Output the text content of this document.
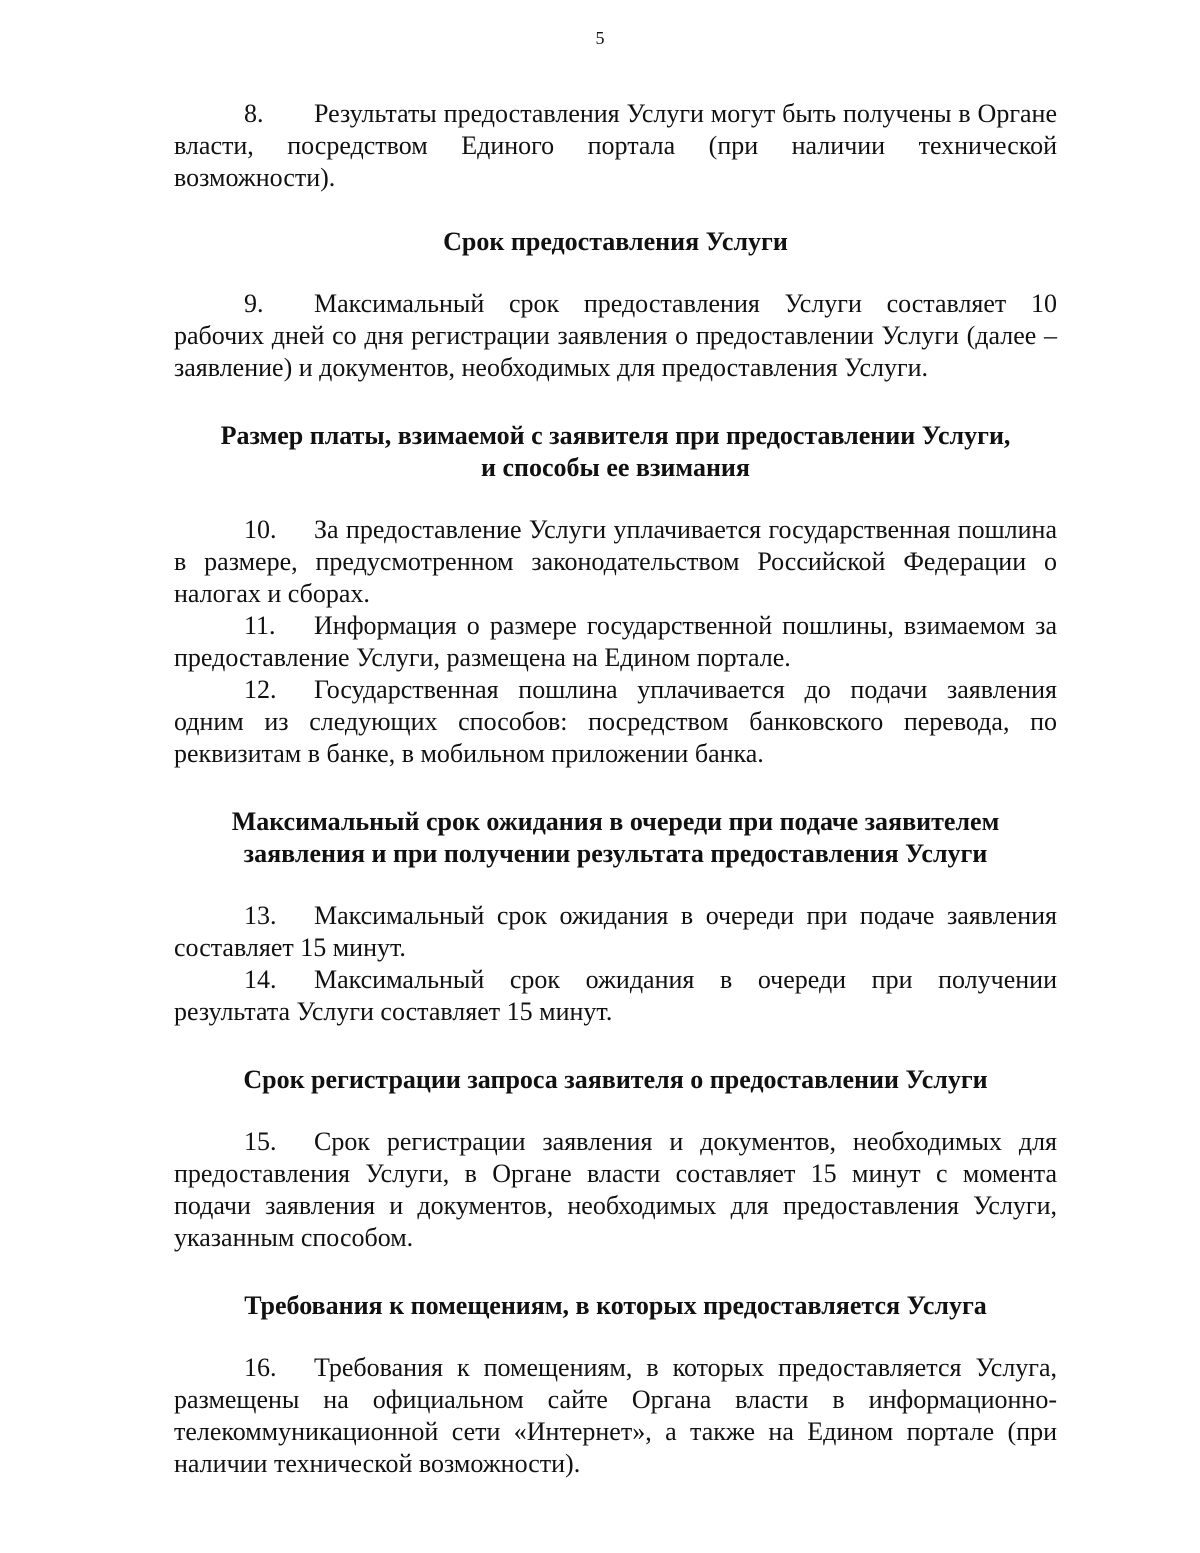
5

8. Результаты предоставления Услуги могут быть получены в Органе власти, посредством Единого портала (при наличии технической возможности).

Срок предоставления Услуги

9. Максимальный срок предоставления Услуги составляет 10 рабочих дней со дня регистрации заявления о предоставлении Услуги (далее – заявление) и документов, необходимых для предоставления Услуги.

Размер платы, взимаемой с заявителя при предоставлении Услуги,
и способы ее взимания

10. За предоставление Услуги уплачивается государственная пошлина в размере, предусмотренном законодательством Российской Федерации о налогах и сборах.

11. Информация о размере государственной пошлины, взимаемом за предоставление Услуги, размещена на Едином портале.

12. Государственная пошлина уплачивается до подачи заявления одним из следующих способов: посредством банковского перевода, по реквизитам в банке, в мобильном приложении банка.

Максимальный срок ожидания в очереди при подаче заявителем
заявления и при получении результата предоставления Услуги

13. Максимальный срок ожидания в очереди при подаче заявления составляет 15 минут.

14. Максимальный срок ожидания в очереди при получении результата Услуги составляет 15 минут.

Срок регистрации запроса заявителя о предоставлении Услуги

15. Срок регистрации заявления и документов, необходимых для предоставления Услуги, в Органе власти составляет 15 минут с момента подачи заявления и документов, необходимых для предоставления Услуги, указанным способом.

Требования к помещениям, в которых предоставляется Услуга

16. Требования к помещениям, в которых предоставляется Услуга, размещены на официальном сайте Органа власти в информационно-телекоммуникационной сети «Интернет», а также на Едином портале (при наличии технической возможности).
